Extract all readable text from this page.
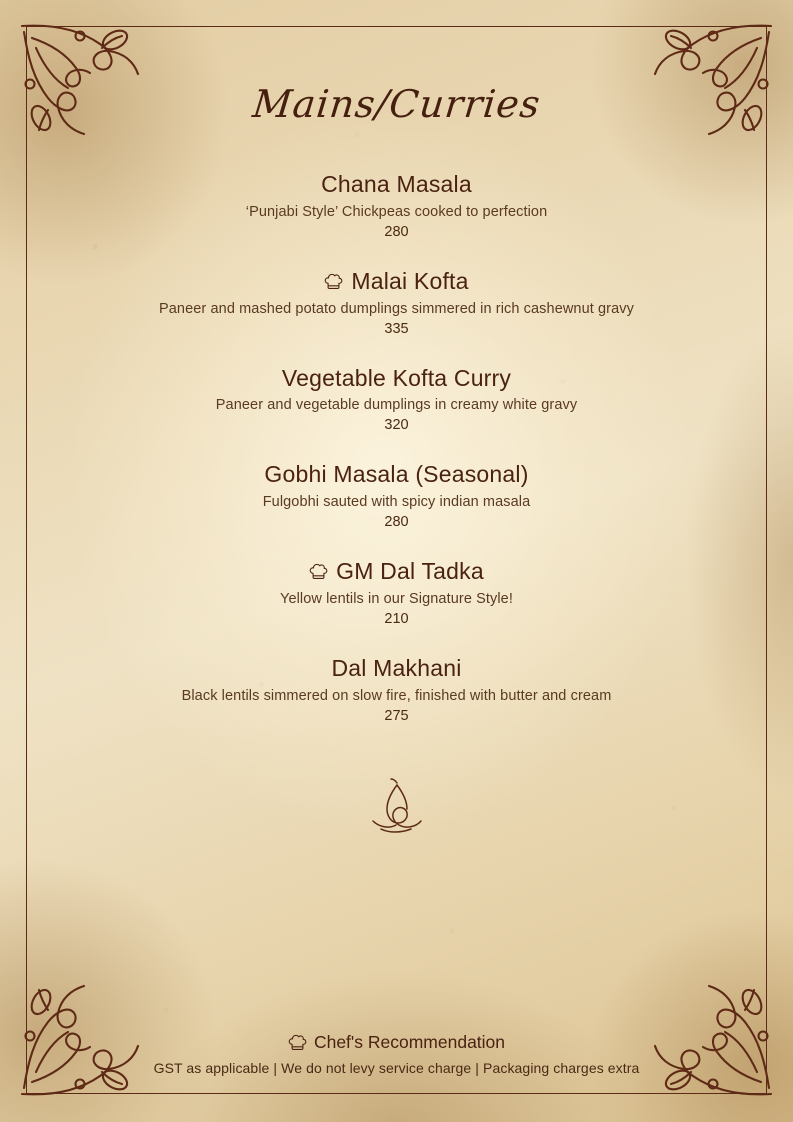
Mains/Curries
Chana Masala
‘Punjabi Style’ Chickpeas cooked to perfection
280
Malai Kofta
Paneer and mashed potato dumplings simmered in rich cashewnut gravy
335
Vegetable Kofta Curry
Paneer and vegetable dumplings in creamy white gravy
320
Gobhi Masala (Seasonal)
Fulgobhi sauted with spicy indian masala
280
GM Dal Tadka
Yellow lentils in our Signature Style!
210
Dal Makhani
Black lentils simmered on slow fire, finished with butter and cream
275
Chef's Recommendation
GST as applicable | We do not levy service charge | Packaging charges extra
